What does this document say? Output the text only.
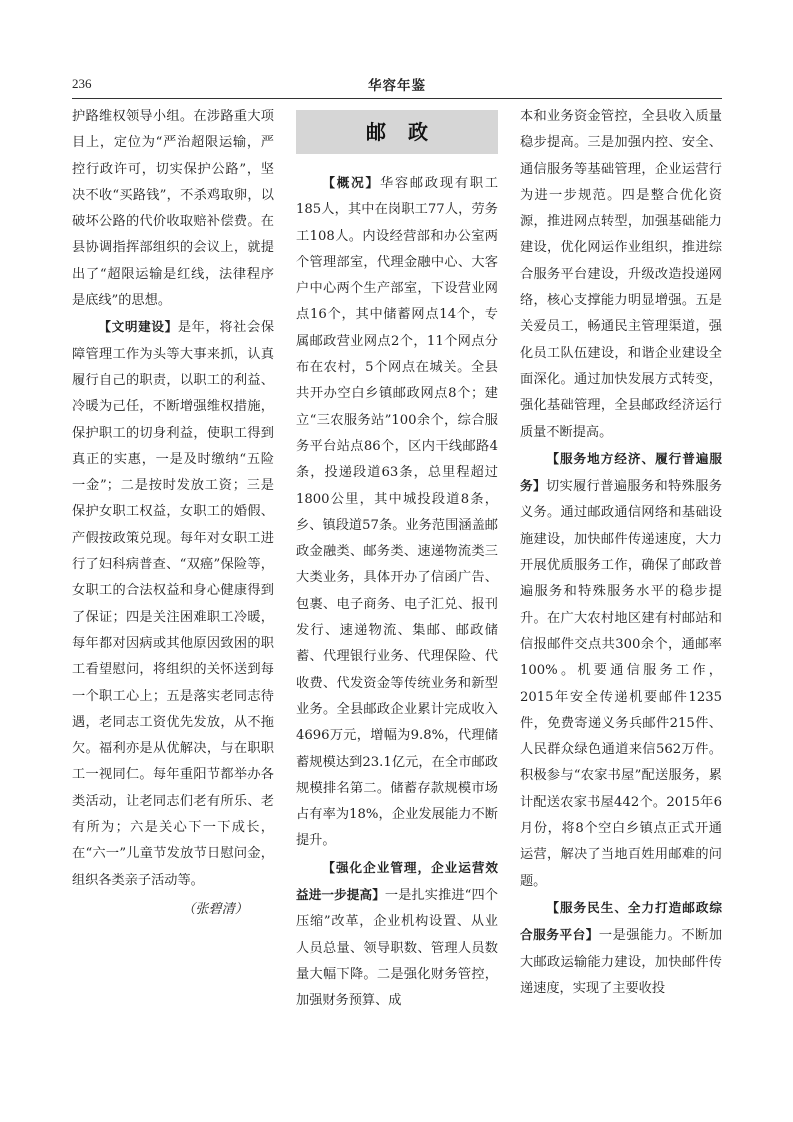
236	华容年鉴

护路维权领导小组。在涉路重大项目上，定位为“严治超限运输，严控行政许可，切实保护公路”，坚决不收“买路钱”，不杀鸡取卵，以破坏公路的代价收取赔补偿费。在县协调指挥部组织的会议上，就提出了“超限运输是红线，法律程序是底线”的思想。

【文明建设】是年，将社会保障管理工作为头等大事来抓，认真履行自己的职责，以职工的利益、冷暖为己任，不断增强维权措施，保护职工的切身利益，使职工得到真正的实惠，一是及时缴纳“五险一金”；二是按时发放工资；三是保护女职工权益，女职工的婚假、产假按政策兑现。每年对女职工进行了妇科病普查、“双癌”保险等，女职工的合法权益和身心健康得到了保证；四是关注困难职工冷暖，每年都对因病或其他原因致困的职工看望慰问，将组织的关怀送到每一个职工心上；五是落实老同志待遇，老同志工资优先发放，从不拖欠。福利亦是从优解决，与在职职工一视同仁。每年重阳节都举办各类活动，让老同志们老有所乐、老有所为；六是关心下一下成长，在“六一”儿童节发放节日慰问金，组织各类亲子活动等。

（张碧清）

邮政

【概况】华容邮政现有职工185人，其中在岗职工77人，劳务工108人。内设经营部和办公室两个管理部室，代理金融中心、大客户中心两个生产部室，下设营业网点16个，其中储蓄网点14个，专属邮政营业网点2个，11个网点分布在农村，5个网点在城关。全县共开办空白乡镇邮政网点8个；建立“三农服务站”100余个，综合服务平台站点86个，区内干线邮路4条，投递段道63条，总里程超过1800公里，其中城投段道8条，乡、镇段道57条。业务范围涵盖邮政金融类、邮务类、速递物流类三大类业务，具体开办了信函广告、包裹、电子商务、电子汇兑、报刊发行、速递物流、集邮、邮政储蓄、代理银行业务、代理保险、代收费、代发资金等传统业务和新型业务。全县邮政企业累计完成收入4696万元，增幅为9.8%，代理储蓄规模达到23.1亿元，在全市邮政规模排名第二。储蓄存款规模市场占有率为18%，企业发展能力不断提升。

【强化企业管理，企业运营效益进一步提高】一是扎实推进“四个压缩”改革，企业机构设置、从业人员总量、领导职数、管理人员数量大幅下降。二是强化财务管控，加强财务预算、成

本和业务资金管控，全县收入质量稳步提高。三是加强内控、安全、通信服务等基础管理，企业运营行为进一步规范。四是整合优化资源，推进网点转型，加强基础能力建设，优化网运作业组织，推进综合服务平台建设，升级改造投递网络，核心支撑能力明显增强。五是关爱员工，畅通民主管理渠道，强化员工队伍建设，和谐企业建设全面深化。通过加快发展方式转变，强化基础管理，全县邮政经济运行质量不断提高。

【服务地方经济、履行普遍服务】切实履行普遍服务和特殊服务义务。通过邮政通信网络和基础设施建设，加快邮件传递速度，大力开展优质服务工作，确保了邮政普遍服务和特殊服务水平的稳步提升。在广大农村地区建有村邮站和信报邮件交点共300余个，通邮率100%。机要通信服务工作，2015年安全传递机要邮件1235件，免费寄递义务兵邮件215件、人民群众绿色通道来信562万件。积极参与“农家书屋”配送服务，累计配送农家书屋442个。2015年6月份，将8个空白乡镇点正式开通运营，解决了当地百姓用邮难的问题。

【服务民生、全力打造邮政综合服务平台】一是强能力。不断加大邮政运输能力建设，加快邮件传递速度，实现了主要收投
